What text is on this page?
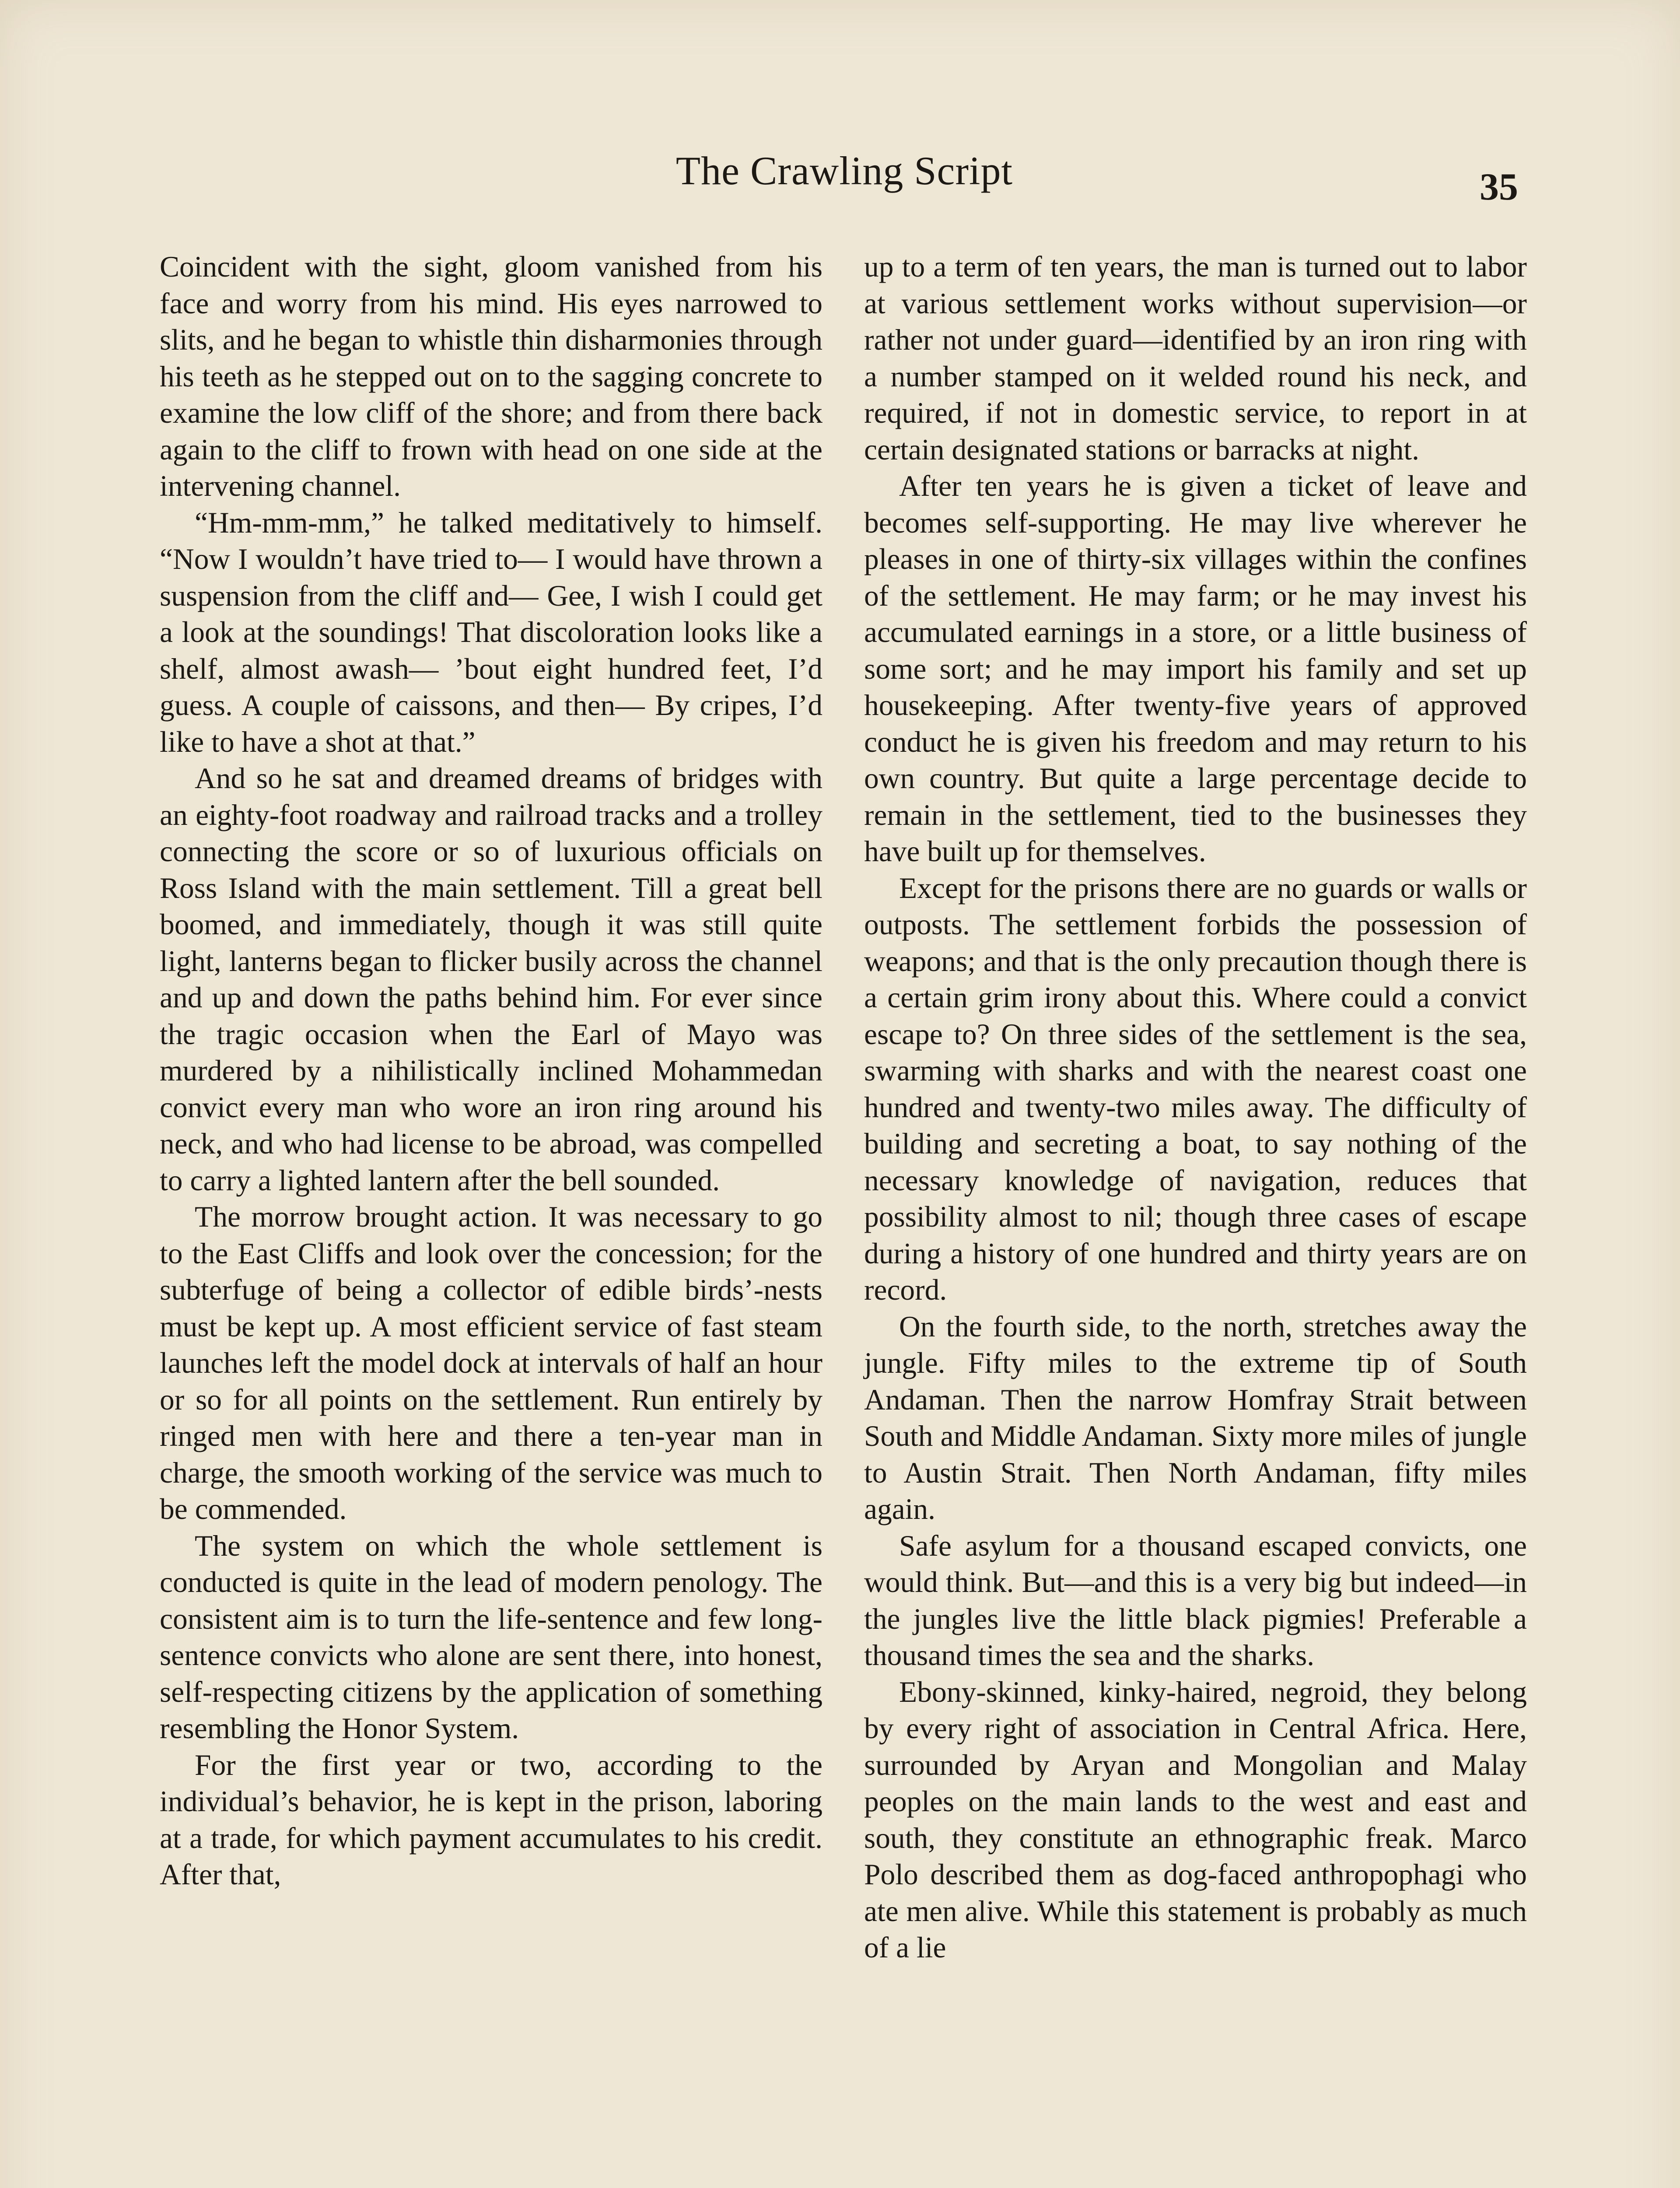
The Crawling Script	35

Coincident with the sight, gloom vanished from his face and worry from his mind. His eyes narrowed to slits, and he began to whistle thin disharmonies through his teeth as he stepped out on to the sagging concrete to examine the low cliff of the shore; and from there back again to the cliff to frown with head on one side at the intervening channel.

“Hm-mm-mm,” he talked meditatively to himself. “Now I wouldn’t have tried to— I would have thrown a suspension from the cliff and— Gee, I wish I could get a look at the soundings! That discoloration looks like a shelf, almost awash— ’bout eight hundred feet, I’d guess. A couple of caissons, and then— By cripes, I’d like to have a shot at that.”

And so he sat and dreamed dreams of bridges with an eighty-foot roadway and railroad tracks and a trolley connecting the score or so of luxurious officials on Ross Island with the main settlement. Till a great bell boomed, and immediately, though it was still quite light, lanterns began to flicker busily across the channel and up and down the paths behind him. For ever since the tragic occasion when the Earl of Mayo was murdered by a nihilistically inclined Mohammedan convict every man who wore an iron ring around his neck, and who had license to be abroad, was compelled to carry a lighted lantern after the bell sounded.

The morrow brought action. It was necessary to go to the East Cliffs and look over the concession; for the subterfuge of being a collector of edible birds’-nests must be kept up. A most efficient service of fast steam launches left the model dock at intervals of half an hour or so for all points on the settlement. Run entirely by ringed men with here and there a ten-year man in charge, the smooth working of the service was much to be commended.

The system on which the whole settlement is conducted is quite in the lead of modern penology. The consistent aim is to turn the life-sentence and few long-sentence convicts who alone are sent there, into honest, self-respecting citizens by the application of something resembling the Honor System.

For the first year or two, according to the individual’s behavior, he is kept in the prison, laboring at a trade, for which payment accumulates to his credit. After that,

up to a term of ten years, the man is turned out to labor at various settlement works without supervision—or rather not under guard—identified by an iron ring with a number stamped on it welded round his neck, and required, if not in domestic service, to report in at certain designated stations or barracks at night.

After ten years he is given a ticket of leave and becomes self-supporting. He may live wherever he pleases in one of thirty-six villages within the confines of the settlement. He may farm; or he may invest his accumulated earnings in a store, or a little business of some sort; and he may import his family and set up housekeeping. After twenty-five years of approved conduct he is given his freedom and may return to his own country. But quite a large percentage decide to remain in the settlement, tied to the businesses they have built up for themselves.

Except for the prisons there are no guards or walls or outposts. The settlement forbids the possession of weapons; and that is the only precaution though there is a certain grim irony about this. Where could a convict escape to? On three sides of the settlement is the sea, swarming with sharks and with the nearest coast one hundred and twenty-two miles away. The difficulty of building and secreting a boat, to say nothing of the necessary knowledge of navigation, reduces that possibility almost to nil; though three cases of escape during a history of one hundred and thirty years are on record.

On the fourth side, to the north, stretches away the jungle. Fifty miles to the extreme tip of South Andaman. Then the narrow Homfray Strait between South and Middle Andaman. Sixty more miles of jungle to Austin Strait. Then North Andaman, fifty miles again.

Safe asylum for a thousand escaped convicts, one would think. But—and this is a very big but indeed—in the jungles live the little black pigmies! Preferable a thousand times the sea and the sharks.

Ebony-skinned, kinky-haired, negroid, they belong by every right of association in Central Africa. Here, surrounded by Aryan and Mongolian and Malay peoples on the main lands to the west and east and south, they constitute an ethnographic freak. Marco Polo described them as dog-faced anthropophagi who ate men alive. While this statement is probably as much of a lie
